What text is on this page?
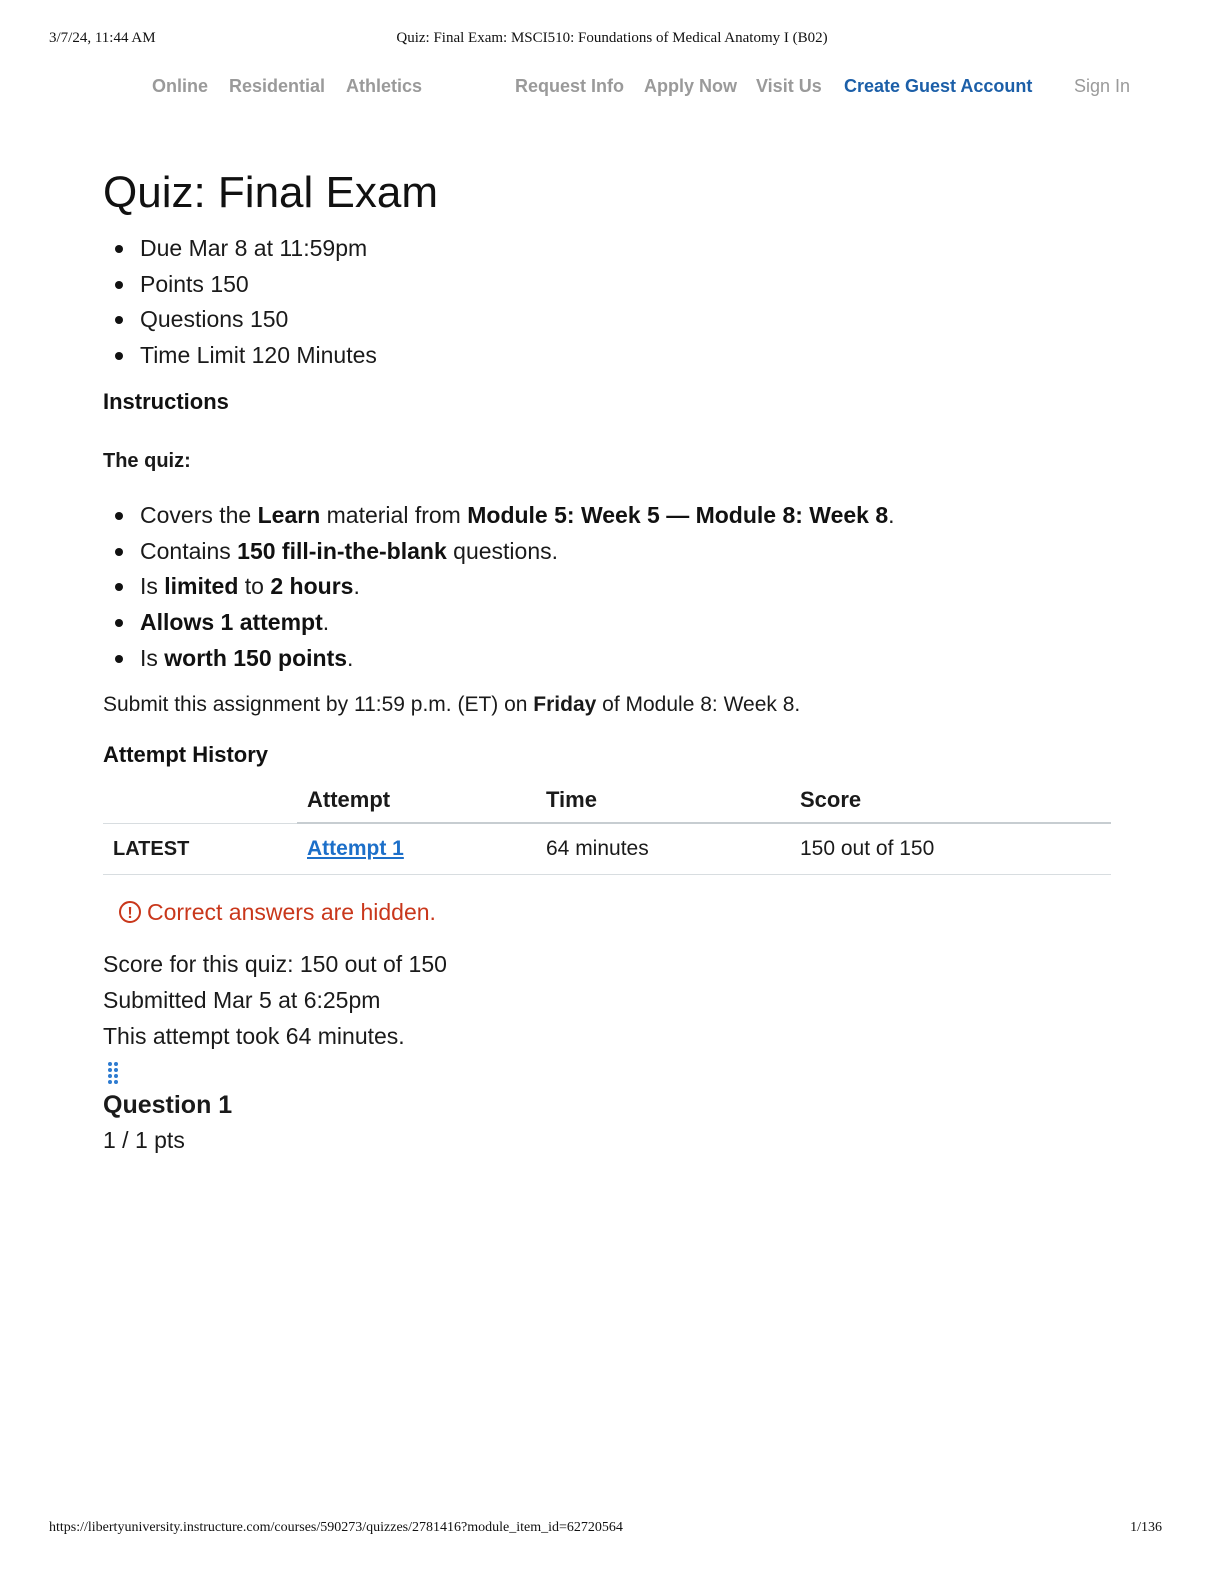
3/7/24, 11:44 AM	Quiz: Final Exam: MSCI510: Foundations of Medical Anatomy I (B02)
Online Residential Athletics	Request Info Apply Now Visit Us Create Guest Account Sign In
Quiz: Final Exam
Due Mar 8 at 11:59pm
Points 150
Questions 150
Time Limit 120 Minutes
Instructions
The quiz:
Covers the Learn material from Module 5: Week 5 — Module 8: Week 8.
Contains 150 fill-in-the-blank questions.
Is limited to 2 hours.
Allows 1 attempt.
Is worth 150 points.
Submit this assignment by 11:59 p.m. (ET) on Friday of Module 8: Week 8.
Attempt History
		Attempt	Time	Score
LATEST		Attempt 1	64 minutes	150 out of 150
! Correct answers are hidden.
Score for this quiz: 150 out of 150
Submitted Mar 5 at 6:25pm
This attempt took 64 minutes.
Question 1
1 / 1 pts
https://libertyuniversity.instructure.com/courses/590273/quizzes/2781416?module_item_id=62720564	1/136
